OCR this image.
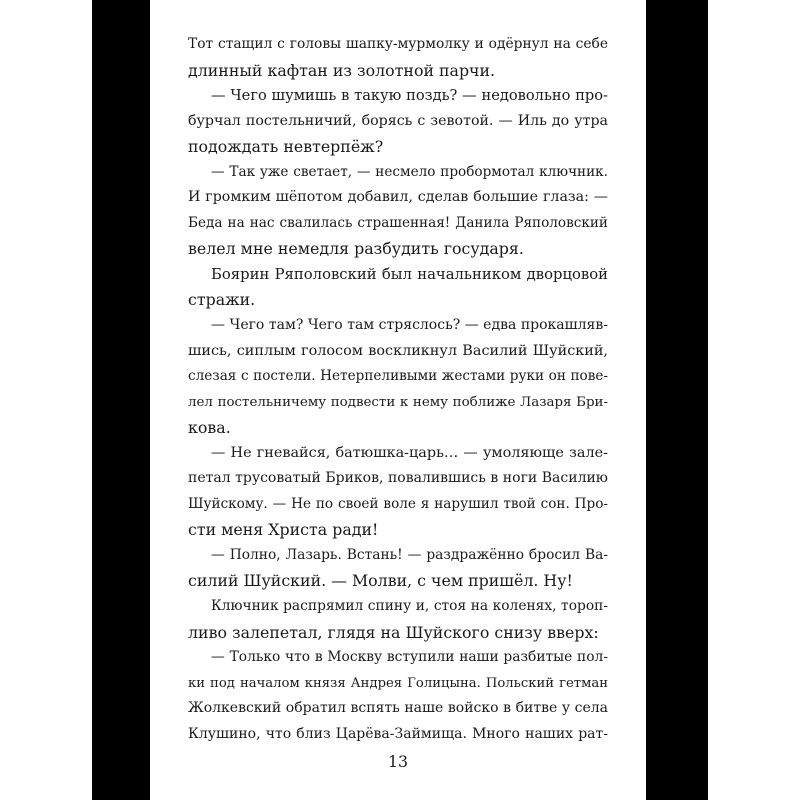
Тот стащил с головы шапку-мурмолку и одёрнул на себе
длинный кафтан из золотной парчи.
— Чего шумишь в такую поздь? — недовольно про-
бурчал постельничий, борясь с зевотой. — Иль до утра
подождать невтерпёж?
— Так уже светает, — несмело пробормотал ключник.
И громким шёпотом добавил, сделав большие глаза: —
Беда на нас свалилась страшенная! Данила Ряполовский
велел мне немедля разбудить государя.
Боярин Ряполовский был начальником дворцовой
стражи.
— Чего там? Чего там стряслось? — едва прокашляв-
шись, сиплым голосом воскликнул Василий Шуйский,
слезая с постели. Нетерпеливыми жестами руки он пове-
лел постельничему подвести к нему поближе Лазаря Бри-
кова.
— Не гневайся, батюшка-царь… — умоляюще зале-
петал трусоватый Бриков, повалившись в ноги Василию
Шуйскому. — Не по своей воле я нарушил твой сон. Про-
сти меня Христа ради!
— Полно, Лазарь. Встань! — раздражённо бросил Ва-
силий Шуйский. — Молви, с чем пришёл. Ну!
Ключник распрямил спину и, стоя на коленях, тороп-
ливо залепетал, глядя на Шуйского снизу вверх:
— Только что в Москву вступили наши разбитые пол-
ки под началом князя Андрея Голицына. Польский гетман
Жолкевский обратил вспять наше войско в битве у села
Клушино, что близ Царёва-Займища. Много наших рат-
13
